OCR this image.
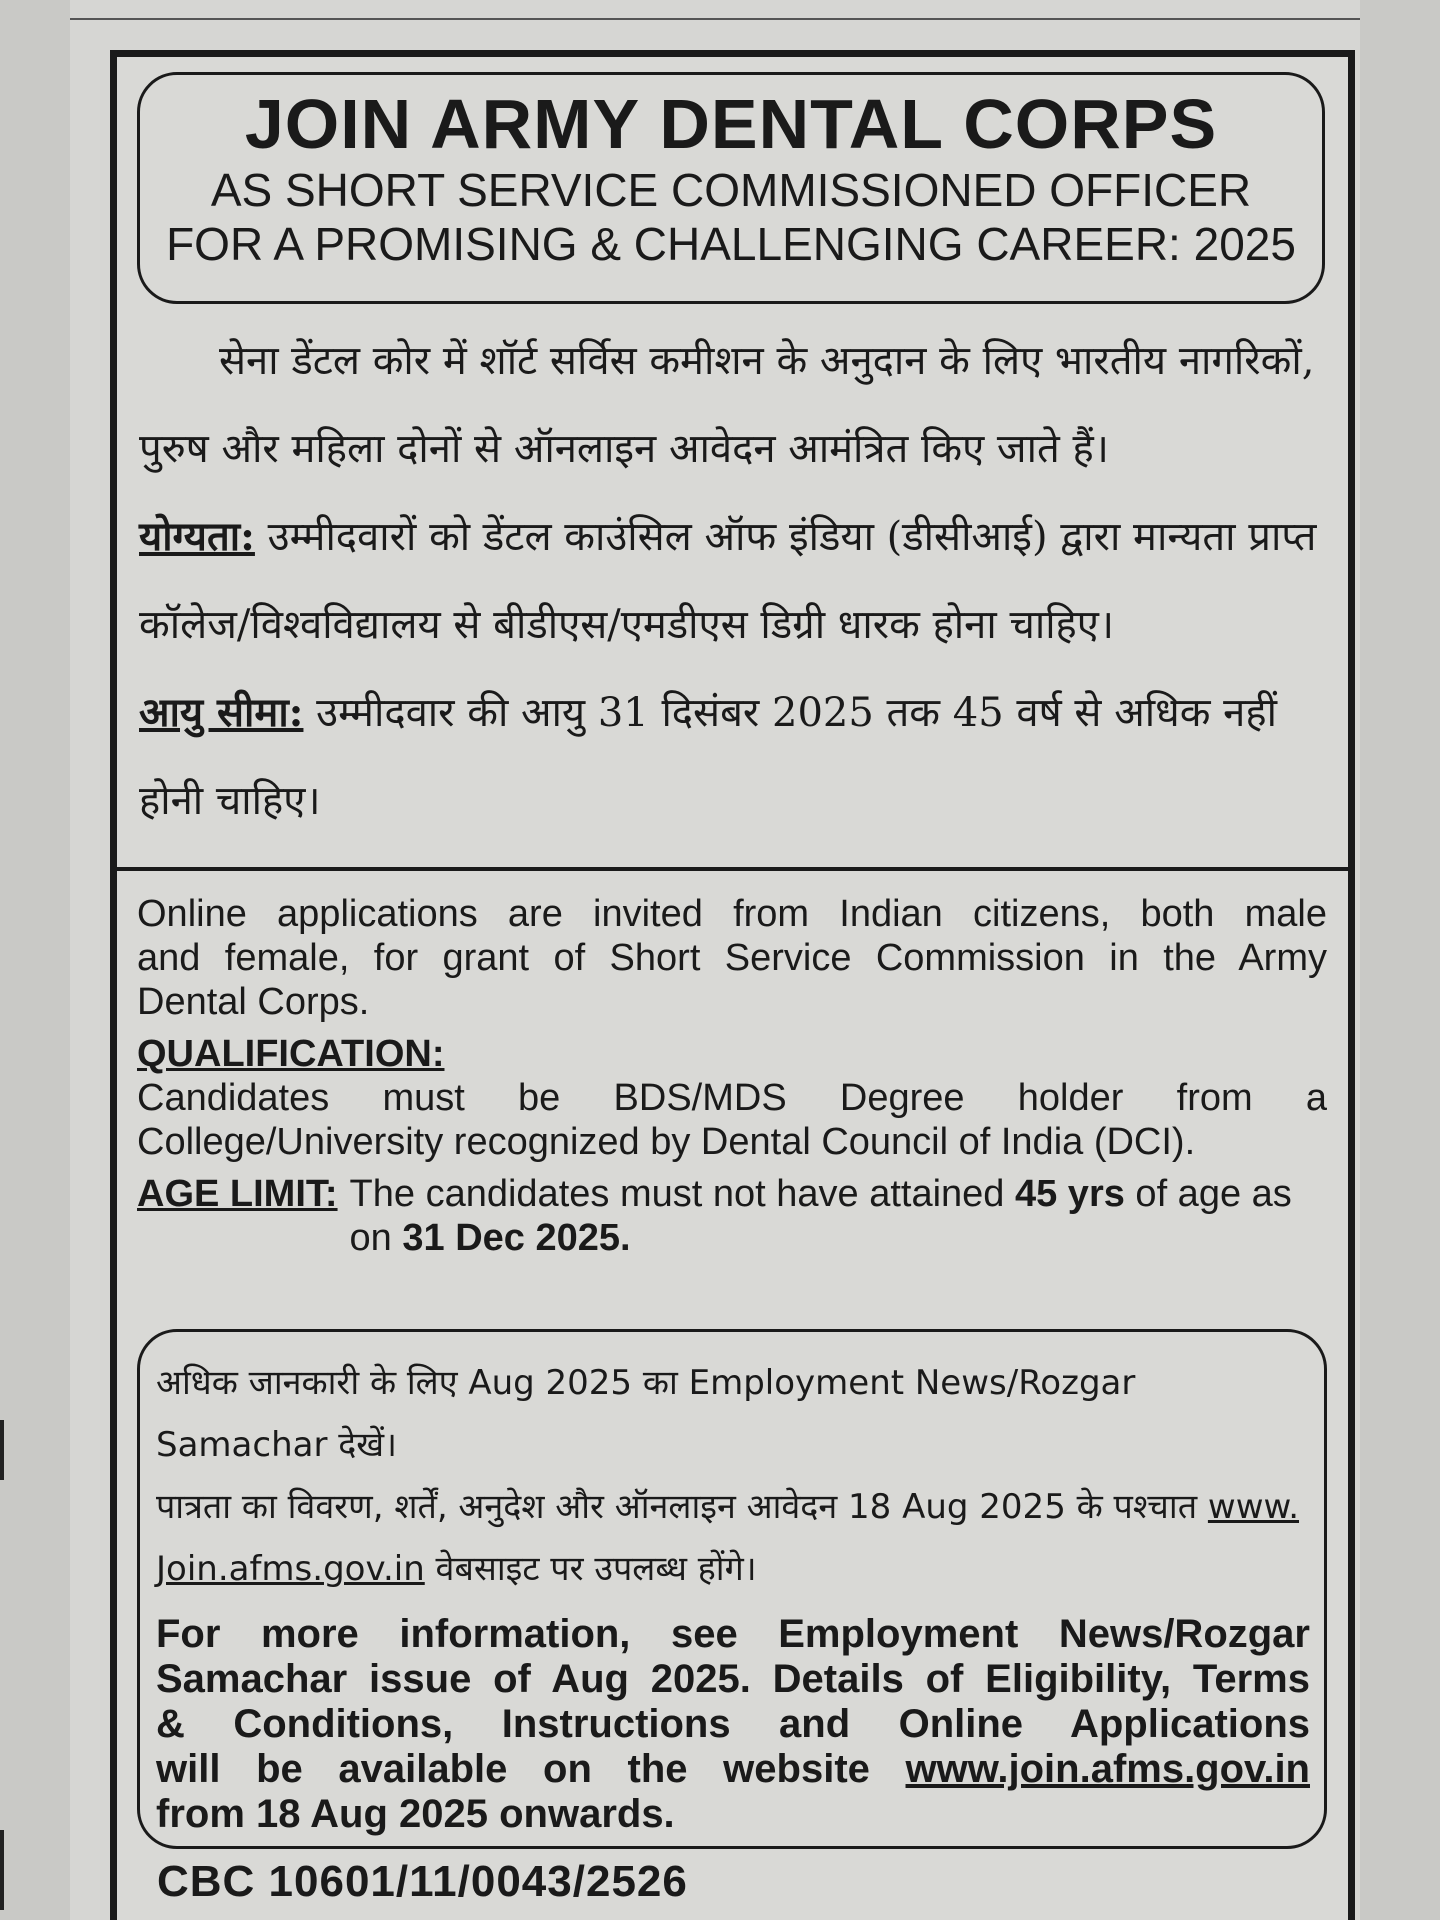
JOIN ARMY DENTAL CORPS
AS SHORT SERVICE COMMISSIONED OFFICER
FOR A PROMISING & CHALLENGING CAREER: 2025

सेना डेंटल कोर में शॉर्ट सर्विस कमीशन के अनुदान के लिए भारतीय नागरिकों, पुरुष और महिला दोनों से ऑनलाइन आवेदन आमंत्रित किए जाते हैं।

योग्यता: उम्मीदवारों को डेंटल काउंसिल ऑफ इंडिया (डीसीआई) द्वारा मान्यता प्राप्त कॉलेज/विश्वविद्यालय से बीडीएस/एमडीएस डिग्री धारक होना चाहिए।

आयु सीमा: उम्मीदवार की आयु 31 दिसंबर 2025 तक 45 वर्ष से अधिक नहीं होनी चाहिए।

Online applications are invited from Indian citizens, both male

and female, for grant of Short Service Commission in the Army

Dental Corps.

QUALIFICATION:

Candidates must be BDS/MDS Degree holder from a

College/University recognized by Dental Council of India (DCI).

AGE LIMIT: The candidates must not have attained 45 yrs of age as on 31 Dec 2025.

अधिक जानकारी के लिए Aug 2025 का Employment News/Rozgar Samachar देखें।

पात्रता का विवरण, शर्तें, अनुदेश और ऑनलाइन आवेदन 18 Aug 2025 के पश्चात www. Join.afms.gov.in वेबसाइट पर उपलब्ध होंगे।

For more information, see Employment News/Rozgar

Samachar issue of Aug 2025. Details of Eligibility, Terms

& Conditions, Instructions and Online Applications

will be available on the website www.join.afms.gov.in

from 18 Aug 2025 onwards.

CBC 10601/11/0043/2526
